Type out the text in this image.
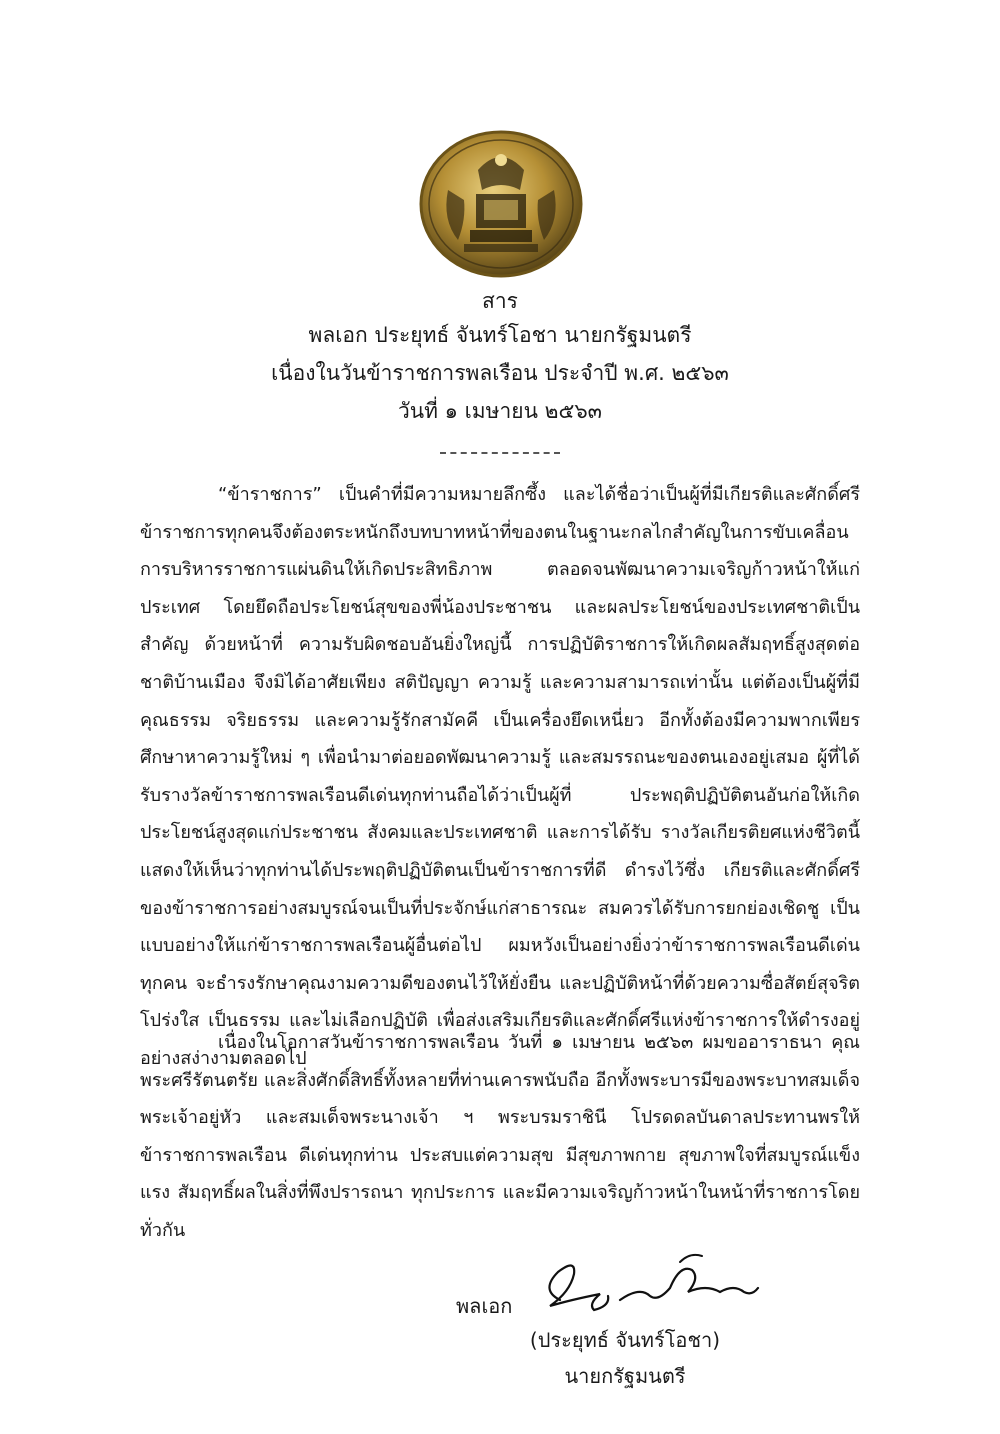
สาร
พลเอก ประยุทธ์ จันทร์โอชา นายกรัฐมนตรี
เนื่องในวันข้าราชการพลเรือน ประจำปี พ.ศ. ๒๕๖๓
วันที่ ๑ เมษายน ๒๕๖๓
“ข้าราชการ” เป็นคำที่มีความหมายลึกซึ้ง และได้ชื่อว่าเป็นผู้ที่มีเกียรติและศักดิ์ศรี ข้าราชการทุกคนจึงต้องตระหนักถึงบทบาทหน้าที่ของตนในฐานะกลไกสำคัญในการขับเคลื่อน การบริหารราชการแผ่นดินให้เกิดประสิทธิภาพ ตลอดจนพัฒนาความเจริญก้าวหน้าให้แก่ประเทศ โดยยึดถือประโยชน์สุขของพี่น้องประชาชน และผลประโยชน์ของประเทศชาติเป็นสำคัญ ด้วยหน้าที่ ความรับผิดชอบอันยิ่งใหญ่นี้ การปฏิบัติราชการให้เกิดผลสัมฤทธิ์สูงสุดต่อชาติบ้านเมือง จึงมิได้อาศัยเพียง สติปัญญา ความรู้ และความสามารถเท่านั้น แต่ต้องเป็นผู้ที่มีคุณธรรม จริยธรรม และความรู้รักสามัคคี เป็นเครื่องยึดเหนี่ยว อีกทั้งต้องมีความพากเพียรศึกษาหาความรู้ใหม่ ๆ เพื่อนำมาต่อยอดพัฒนาความรู้ และสมรรถนะของตนเองอยู่เสมอ ผู้ที่ได้รับรางวัลข้าราชการพลเรือนดีเด่นทุกท่านถือได้ว่าเป็นผู้ที่ ประพฤติปฏิบัติตนอันก่อให้เกิดประโยชน์สูงสุดแก่ประชาชน สังคมและประเทศชาติ และการได้รับ รางวัลเกียรติยศแห่งชีวิตนี้ แสดงให้เห็นว่าทุกท่านได้ประพฤติปฏิบัติตนเป็นข้าราชการที่ดี ดำรงไว้ซึ่ง เกียรติและศักดิ์ศรีของข้าราชการอย่างสมบูรณ์จนเป็นที่ประจักษ์แก่สาธารณะ สมควรได้รับการยกย่องเชิดชู เป็นแบบอย่างให้แก่ข้าราชการพลเรือนผู้อื่นต่อไป ผมหวังเป็นอย่างยิ่งว่าข้าราชการพลเรือนดีเด่นทุกคน จะธำรงรักษาคุณงามความดีของตนไว้ให้ยั่งยืน และปฏิบัติหน้าที่ด้วยความซื่อสัตย์สุจริต โปร่งใส เป็นธรรม และไม่เลือกปฏิบัติ เพื่อส่งเสริมเกียรติและศักดิ์ศรีแห่งข้าราชการให้ดำรงอยู่อย่างสง่างามตลอดไป
เนื่องในโอกาสวันข้าราชการพลเรือน วันที่ ๑ เมษายน ๒๕๖๓ ผมขออาราธนา คุณพระศรีรัตนตรัย และสิ่งศักดิ์สิทธิ์ทั้งหลายที่ท่านเคารพนับถือ อีกทั้งพระบารมีของพระบาทสมเด็จ พระเจ้าอยู่หัว และสมเด็จพระนางเจ้า ฯ พระบรมราชินี โปรดดลบันดาลประทานพรให้ข้าราชการพลเรือน ดีเด่นทุกท่าน ประสบแต่ความสุข มีสุขภาพกาย สุขภาพใจที่สมบูรณ์แข็งแรง สัมฤทธิ์ผลในสิ่งที่พึงปรารถนา ทุกประการ และมีความเจริญก้าวหน้าในหน้าที่ราชการโดยทั่วกัน
พลเอก
(ประยุทธ์ จันทร์โอชา)
นายกรัฐมนตรี
